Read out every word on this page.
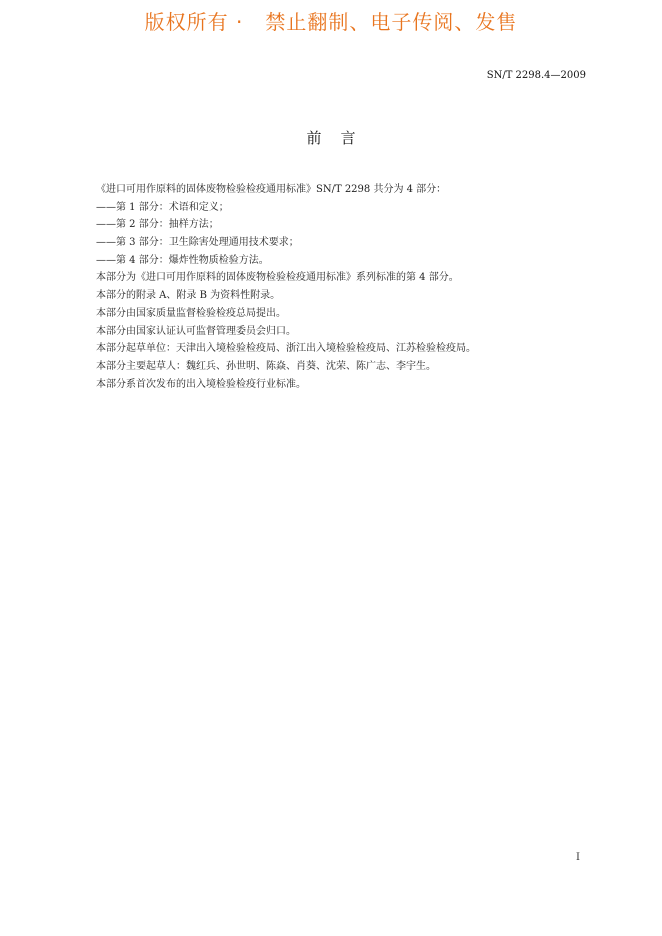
版权所有 ·   禁止翻制、电子传阅、发售
SN/T 2298.4—2009
前    言
《进口可用作原料的固体废物检验检疫通用标准》SN/T 2298 共分为 4 部分：
——第 1 部分：术语和定义；
——第 2 部分：抽样方法；
——第 3 部分：卫生除害处理通用技术要求；
——第 4 部分：爆炸性物质检验方法。
本部分为《进口可用作原料的固体废物检验检疫通用标准》系列标准的第 4 部分。
本部分的附录 A、附录 B 为资料性附录。
本部分由国家质量监督检验检疫总局提出。
本部分由国家认证认可监督管理委员会归口。
本部分起草单位：天津出入境检验检疫局、浙江出入境检验检疫局、江苏检验检疫局。
本部分主要起草人：魏红兵、孙世明、陈焱、肖葵、沈荣、陈广志、李宇生。
本部分系首次发布的出入境检验检疫行业标准。
I
